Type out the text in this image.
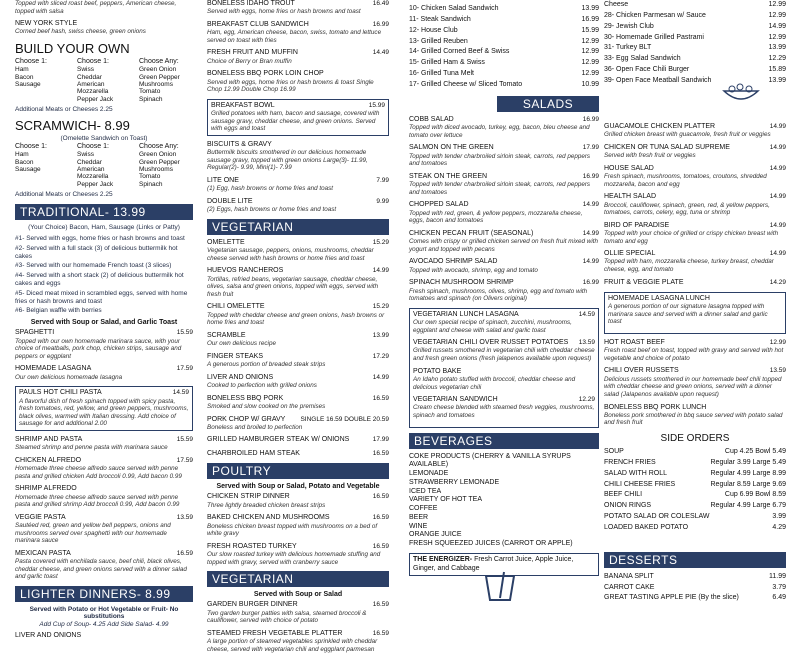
Topped with sliced roast beef, peppers, American cheese, topped with salsa
NEW YORK STYLE
Corned beef hash, swiss cheese, green onions
BUILD YOUR OWN
Choose 1:
Ham
Bacon
Sausage
Choose 1:
Swiss
Cheddar
American
Mozzarella
Pepper Jack
Choose Any:
Green Onion
Green Pepper
Mushrooms
Tomato
Spinach
Additional Meats or Cheeses 2.25
SCRAMWICH- 8.99
(Omelette Sandwich on Toast)
Choose 1:
Ham
Bacon
Sausage
Choose 1:
Swiss
Cheddar
American
Mozzarella
Pepper Jack
Choose Any:
Green Onion
Green Pepper
Mushrooms
Tomato
Spinach
Additional Meats or Cheeses 2.25
TRADITIONAL- 13.99
(Your Choice) Bacon, Ham, Sausage (Links or Patty)
#1- Served with eggs, home fries or hash browns and toast
#2- Served with a full stack (3) of delicious buttermilk hot cakes
#3- Served with our homemade French toast (3 slices)
#4- Served with a short stack (2) of delicious buttermilk hot cakes and eggs
#5- Diced meat mixed in scrambled eggs, served with home fries or hash browns and toast
#6- Belgian waffle with berries
Served with Soup or Salad, and Garlic Toast
SPAGHETTI	15.59
Topped with our own homemade marinara sauce, with your choice of meatballs, pork chop, chicken strips, sausage and peppers or eggplant
HOMEMADE LASAGNA	17.59
Our own delicious homemade lasagna
PAULS HOT CHILI PASTA	14.59
A flavorful dish of fresh spinach topped with spicy pasta, fresh tomatoes, red, yellow, and green peppers, mushrooms, black olives, warmed with Italian dressing. Add choice of sausage for and additional 2.00
SHRIMP AND PASTA	15.59
Steamed shrimp and penne pasta with marinara sauce
CHICKEN ALFREDO	17.59
Homemade three cheese alfredo sauce served with penne pasta and grilled chicken Add broccoli 0.99, Add bacon 0.99
SHRIMP ALFREDO
Homemade three cheese alfredo sauce served with penne pasta and grilled shrimp Add broccoli 0.99, Add bacon 0.99
VEGGIE PASTA	13.59
Sautéed red, green and yellow bell peppers, onions and mushrooms served over spaghetti with our homemade marinara sauce
MEXICAN PASTA	16.59
Pasta covered with enchilada sauce, beef chili, black olives, cheddar cheese, and green onions served with a dinner salad and garlic toast
LIGHTER DINNERS- 8.99
Served with Potato or Hot Vegetable or Fruit- No substitutions
Add Cup of Soup- 4.25 Add Side Salad- 4.99
LIVER AND ONIONS
BONELESS IDAHO TROUT	16.49
Served with eggs, home fries or hash browns and toast
BREAKFAST CLUB SANDWICH	16.99
Ham, egg, American cheese, bacon, swiss, tomato and lettuce served on toast with fries
FRESH FRUIT AND MUFFIN	14.49
Choice of Berry or Bran muffin
BONELESS BBQ PORK LOIN CHOP
Served with eggs, home fries or hash browns & toast Single Chop 12.99 Double Chop 16.99
BREAKFAST BOWL	15.99
Grilled potatoes with ham, bacon and sausage, covered with sausage gravy, cheddar cheese, and green onions. Served with eggs and toast
BISCUITS & GRAVY
Buttermilk biscuits smothered in our delicious homemade sausage gravy, topped with green onions Large(3)- 11.99, Regular(2)- 9.99, Mini(1)- 7.99
LITE ONE	7.99
(1) Egg, hash browns or home fries and toast
DOUBLE LITE	9.99
(2) Eggs, hash browns or home fries and toast
VEGETARIAN
OMELETTE	15.29
Vegetarian sausage, peppers, onions, mushrooms, cheddar cheese served with hash browns or home fries and toast
HUEVOS RANCHEROS	14.99
Tortillas, refried beans, vegetarian sausage, cheddar cheese, olives, salsa and green onions, topped with eggs, served with fresh fruit
CHILI OMELETTE	15.29
Topped with cheddar cheese and green onions, hash browns or home fries and toast
SCRAMBLE	13.99
Our own delicious recipe
FINGER STEAKS	17.29
A generous portion of breaded steak strips
LIVER AND ONIONS	14.99
Cooked to perfection with grilled onions
BONELESS BBQ PORK	16.59
Smoked and slow cooked on the premises
PORK CHOP W/ GRAVY SINGLE 16.59 DOUBLE 20.59
Boneless and broiled to perfection
GRILLED HAMBURGER STEAK W/ ONIONS	17.99
CHARBROILED HAM STEAK	16.59
POULTRY
Served with Soup or Salad, Potato and Vegetable
CHICKEN STRIP DINNER	16.59
Three lightly breaded chicken breast strips
BAKED CHICKEN AND MUSHROOMS	16.59
Boneless chicken breast topped with mushrooms on a bed of white gravy
FRESH ROASTED TURKEY	16.59
Our slow roasted turkey with delicious homemade stuffing and topped with gravy, served with cranberry sauce
VEGETARIAN
Served with Soup or Salad
GARDEN BURGER DINNER	16.59
Two garden burger patties with salsa, steamed broccoli & cauliflower, served with choice of potato
STEAMED FRESH VEGETABLE PLATTER	16.59
A large portion of steamed vegetables sprinkled with cheddar cheese, served with vegetarian chili and eggplant parmesan
10- Chicken Salad Sandwich	13.99
11- Steak Sandwich	16.99
12- House Club	15.99
13- Grilled Reuben	12.99
14- Grilled Corned Beef & Swiss	12.99
15- Grilled Ham & Swiss	12.99
16- Grilled Tuna Melt	12.99
17- Grilled Cheese w/ Sliced Tomato	10.99
SALADS
COBB SALAD	16.99
Topped with diced avocado, turkey, egg, bacon, bleu cheese and tomato over lettuce
SALMON ON THE GREEN	17.99
Topped with tender charbroiled sirloin steak, carrots, red peppers and tomatoes
STEAK ON THE GREEN	16.99
Topped with tender charbroiled sirloin steak, carrots, red peppers and tomatoes
CHOPPED SALAD	14.99
Topped with red, green, & yellow peppers, mozzarella cheese, eggs, bacon and tomatoes
CHICKEN PECAN FRUIT (SEASONAL)	14.99
Comes with crispy or grilled chicken served on fresh fruit mixed with yogurt and topped with pecans
AVOCADO SHRIMP SALAD	14.99
Topped with avocado, shrimp, egg and tomato
SPINACH MUSHROOM SHRIMP	16.99
Fresh spinach, mushrooms, olives, shrimp, egg and tomato with tomatoes and spinach (on Olivers original)
VEGETARIAN LUNCH LASAGNA	14.59
Our own special recipe of spinach, zucchini, mushrooms, eggplant and cheese with salad and garlic toast
VEGETARIAN CHILI OVER RUSSET POTATOES 13.59
Grilled russets smothered in vegetarian chili with cheddar cheese and fresh green onions (fresh jalapenos available upon request)
POTATO BAKE
An Idaho potato stuffed with broccoli, cheddar cheese and delicious vegetarian chili
VEGETARIAN SANDWICH	12.29
Cream cheese blended with steamed fresh veggies, mushrooms, spinach and tomatoes
BEVERAGES
COKE PRODUCTS (CHERRY & VANILLA SYRUPS AVAILABLE)
LEMONADE
STRAWBERRY LEMONADE
ICED TEA
VARIETY OF HOT TEA
COFFEE
BEER
WINE
ORANGE JUICE
FRESH SQUEEZED JUICES (CARROT OR APPLE)
THE ENERGIZER- Fresh Carrot Juice, Apple Juice, Ginger, and Cabbage
Cheese	12.99
28- Chicken Parmesan w/ Sauce	12.99
29- Jewish Club	14.99
30- Homemade Grilled Pastrami	12.99
31- Turkey BLT	13.99
33- Egg Salad Sandwich	12.29
36- Open Face Chili Burger	15.89
39- Open Face Meatball Sandwich	13.99
GUACAMOLE CHICKEN PLATTER	14.99
Grilled chicken breast with guacamole, fresh fruit or veggies
CHICKEN OR TUNA SALAD SUPREME	14.99
Served with fresh fruit or veggies
HOUSE SALAD	14.99
Fresh spinach, mushrooms, tomatoes, croutons, shredded mozzarella, bacon and egg
HEALTH SALAD	14.99
Broccoli, cauliflower, spinach, green, red, & yellow peppers, tomatoes, carrots, celery, egg, tuna or shrimp
BIRD OF PARADISE	14.99
Topped with your choice of grilled or crispy chicken breast with tomato and egg
OLLIE SPECIAL	14.99
Topped with ham, mozzarella cheese, turkey breast, cheddar cheese, egg, and tomato
FRUIT & VEGGIE PLATE	14.29
HOMEMADE LASAGNA LUNCH
A generous portion of our signature lasagna topped with marinara sauce and served with a dinner salad and garlic toast
HOT ROAST BEEF	12.99
Fresh roast beef on toast, topped with gravy and served with hot vegetable and choice of potato
CHILI OVER RUSSETS	13.59
Delicious russets smothered in our homemade beef chili topped with cheddar cheese and green onions, served with a dinner salad (Jalapenos available upon request)
BONELESS BBQ PORK LUNCH
Boneless pork smothered in bbq sauce served with potato salad and fresh fruit
SIDE ORDERS
SOUP	Cup 4.25 Bowl 5.49
FRENCH FRIES	Regular 3.99 Large 5.49
SALAD WITH ROLL	Regular 4.99 Large 8.99
CHILI CHEESE FRIES	Regular 8.59 Large 9.69
BEEF CHILI	Cup 6.99 Bowl 8.59
ONION RINGS	Regular 4.99 Large 6.79
POTATO SALAD OR COLESLAW	3.99
LOADED BAKED POTATO	4.29
DESSERTS
BANANA SPLIT	11.99
CARROT CAKE	3.79
GREAT TASTING APPLE PIE (By the slice)	6.49
